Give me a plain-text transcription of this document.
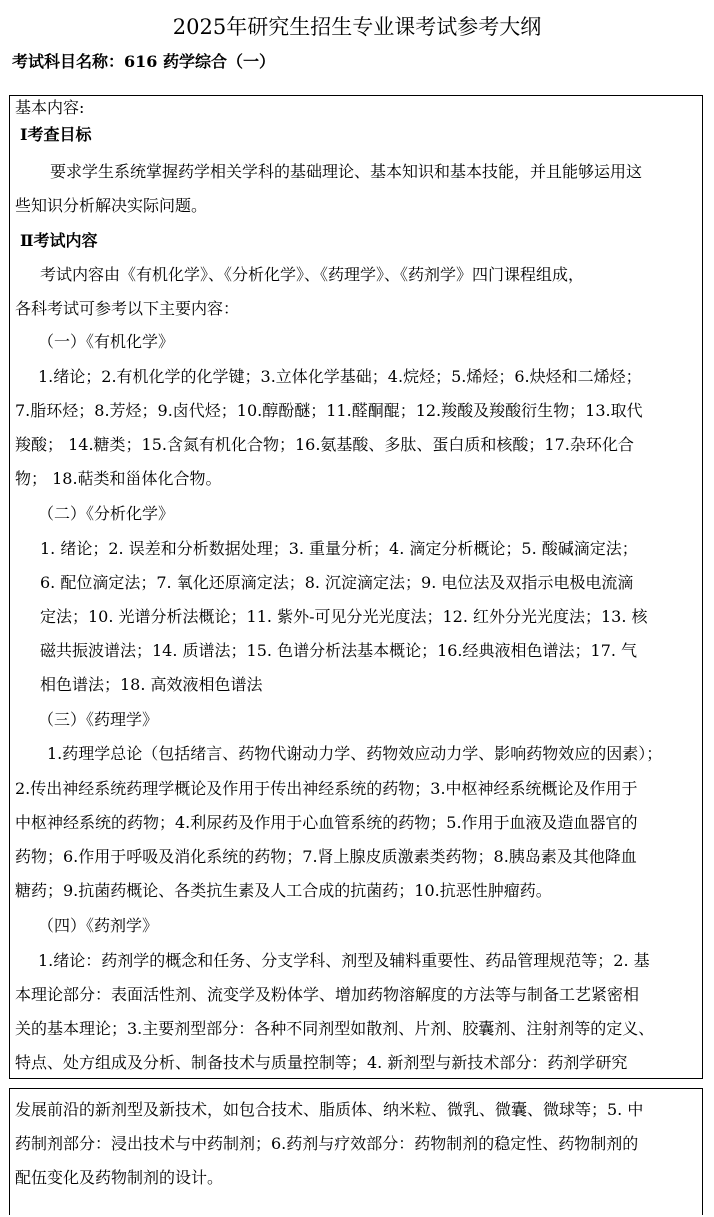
2025年研究生招生专业课考试参考大纲
考试科目名称：616 药学综合（一）
基本内容:
Ⅰ考查目标
要求学生系统掌握药学相关学科的基础理论、基本知识和基本技能，并且能够运用这
些知识分析解决实际问题。
Ⅱ考试内容
考试内容由《有机化学》、《分析化学》、《药理学》、《药剂学》四门课程组成，
各科考试可参考以下主要内容：
（一）《有机化学》
1.绪论；2.有机化学的化学键；3.立体化学基础；4.烷烃；5.烯烃；6.炔烃和二烯烃；
7.脂环烃；8.芳烃；9.卤代烃；10.醇酚醚；11.醛酮醌；12.羧酸及羧酸衍生物；13.取代
羧酸； 14.糖类；15.含氮有机化合物；16.氨基酸、多肽、蛋白质和核酸；17.杂环化合
物； 18.萜类和甾体化合物。
（二）《分析化学》
1. 绪论；2. 误差和分析数据处理；3. 重量分析；4. 滴定分析概论；5. 酸碱滴定法；
6. 配位滴定法；7. 氧化还原滴定法；8. 沉淀滴定法；9. 电位法及双指示电极电流滴
定法；10. 光谱分析法概论；11. 紫外-可见分光光度法；12. 红外分光光度法；13. 核
磁共振波谱法；14. 质谱法；15. 色谱分析法基本概论；16.经典液相色谱法；17. 气
相色谱法；18. 高效液相色谱法
（三）《药理学》
1.药理学总论（包括绪言、药物代谢动力学、药物效应动力学、影响药物效应的因素）；
2.传出神经系统药理学概论及作用于传出神经系统的药物；3.中枢神经系统概论及作用于
中枢神经系统的药物；4.利尿药及作用于心血管系统的药物；5.作用于血液及造血器官的
药物；6.作用于呼吸及消化系统的药物；7.肾上腺皮质激素类药物；8.胰岛素及其他降血
糖药；9.抗菌药概论、各类抗生素及人工合成的抗菌药；10.抗恶性肿瘤药。
（四）《药剂学》
1.绪论：药剂学的概念和任务、分支学科、剂型及辅料重要性、药品管理规范等；2. 基
本理论部分：表面活性剂、流变学及粉体学、增加药物溶解度的方法等与制备工艺紧密相
关的基本理论；3.主要剂型部分：各种不同剂型如散剂、片剂、胶囊剂、注射剂等的定义、
特点、处方组成及分析、制备技术与质量控制等；4. 新剂型与新技术部分：药剂学研究
发展前沿的新剂型及新技术，如包合技术、脂质体、纳米粒、微乳、微囊、微球等；5. 中
药制剂部分：浸出技术与中药制剂；6.药剂与疗效部分：药物制剂的稳定性、药物制剂的
配伍变化及药物制剂的设计。
